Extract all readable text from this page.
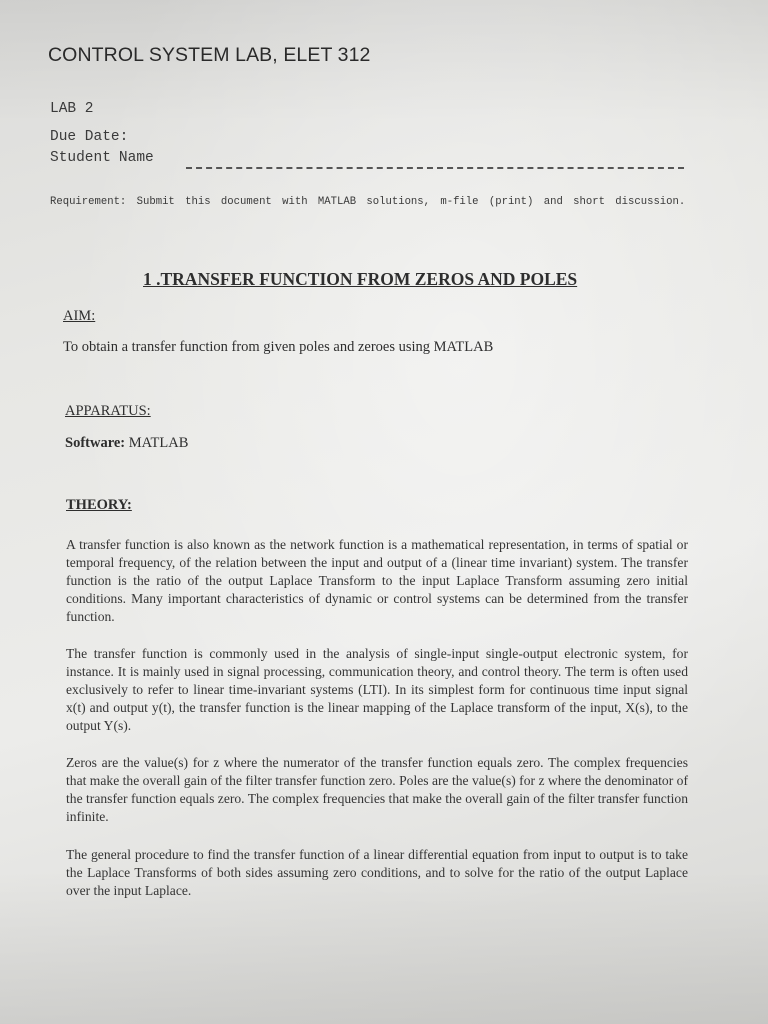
CONTROL SYSTEM LAB, ELET 312
LAB 2
Due Date:
Student Name

Requirement: Submit this document with MATLAB solutions, m-file (print) and short discussion.

1 .TRANSFER FUNCTION FROM ZEROS AND POLES
AIM:

To obtain a transfer function from given poles and zeroes using MATLAB

APPARATUS:

Software: MATLAB

THEORY:

A transfer function is also known as the network function is a mathematical representation, in terms of spatial or temporal frequency, of the relation between the input and output of a (linear time invariant) system. The transfer function is the ratio of the output Laplace Transform to the input Laplace Transform assuming zero initial conditions. Many important characteristics of dynamic or control systems can be determined from the transfer function.

The transfer function is commonly used in the analysis of single-input single-output electronic system, for instance. It is mainly used in signal processing, communication theory, and control theory. The term is often used exclusively to refer to linear time-invariant systems (LTI). In its simplest form for continuous time input signal x(t) and output y(t), the transfer function is the linear mapping of the Laplace transform of the input, X(s), to the output Y(s).

Zeros are the value(s) for z where the numerator of the transfer function equals zero. The complex frequencies that make the overall gain of the filter transfer function zero. Poles are the value(s) for z where the denominator of the transfer function equals zero. The complex frequencies that make the overall gain of the filter transfer function infinite.

The general procedure to find the transfer function of a linear differential equation from input to output is to take the Laplace Transforms of both sides assuming zero conditions, and to solve for the ratio of the output Laplace over the input Laplace.
